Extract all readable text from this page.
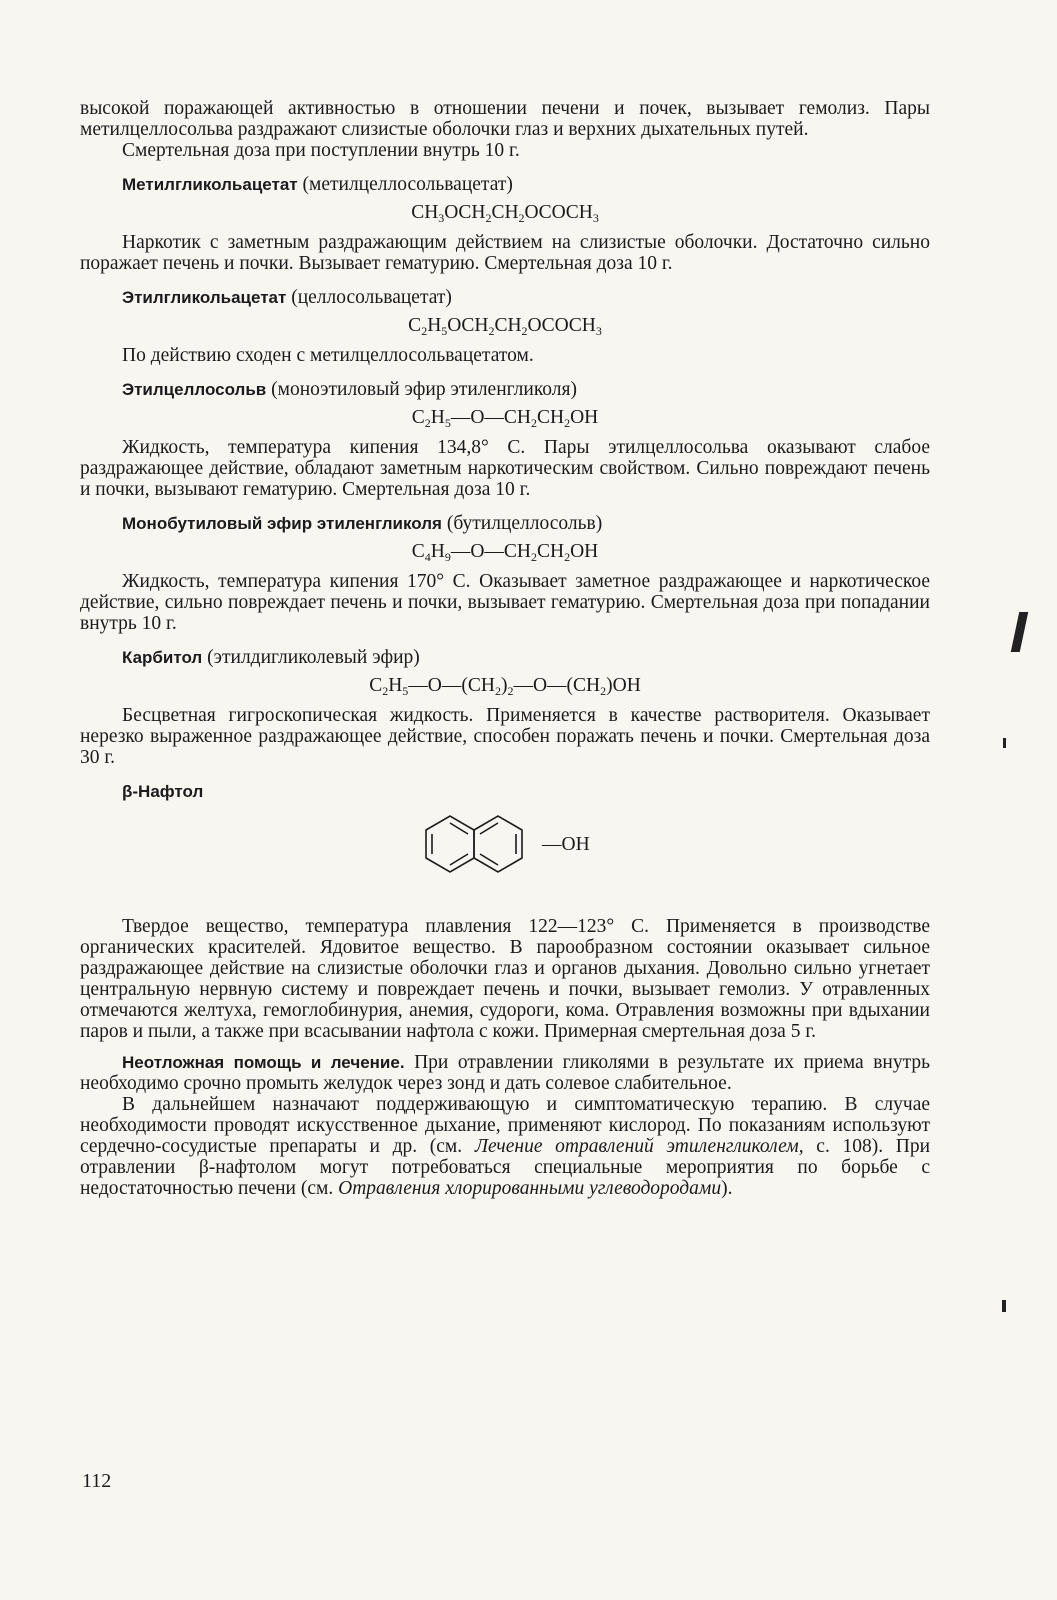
высокой поражающей активностью в отношении печени и почек, вызывает гемолиз. Пары метилцеллосольва раздражают слизистые оболочки глаз и верхних дыхательных путей.

Смертельная доза при поступлении внутрь 10 г.

Метилгликольацетат (метилцеллосольвацетат)

$CH_3OCH_2CH_2OCOCH_3$

Наркотик с заметным раздражающим действием на слизистые оболочки. Достаточно сильно поражает печень и почки. Вызывает гематурию. Смертельная доза 10 г.

Этилгликольацетат (целлосольвацетат)

$C_2H_5OCH_2CH_2OCOCH_3$

По действию сходен с метилцеллосольвацетатом.

Этилцеллосольв (моноэтиловый эфир этиленгликоля)

$C_2H_5—O—CH_2CH_2OH$

Жидкость, температура кипения 134,8° С. Пары этилцеллосольва оказывают слабое раздражающее действие, обладают заметным наркотическим свойством. Сильно повреждают печень и почки, вызывают гематурию. Смертельная доза 10 г.

Монобутиловый эфир этиленгликоля (бутилцеллосольв)

$C_4H_9—O—CH_2CH_2OH$

Жидкость, температура кипения 170° С. Оказывает заметное раздражающее и наркотическое действие, сильно повреждает печень и почки, вызывает гематурию. Смертельная доза при попадании внутрь 10 г.

Карбитол (этилдигликолевый эфир)

$C_2H_5—O—(CH_2)_2—O—(CH_2)OH$

Бесцветная гигроскопическая жидкость. Применяется в качестве растворителя. Оказывает нерезко выраженное раздражающее действие, способен поражать печень и почки. Смертельная доза 30 г.

β-Нафтол

—OH

Твердое вещество, температура плавления 122—123° С. Применяется в производстве органических красителей. Ядовитое вещество. В парообразном состоянии оказывает сильное раздражающее действие на слизистые оболочки глаз и органов дыхания. Довольно сильно угнетает центральную нервную систему и повреждает печень и почки, вызывает гемолиз. У отравленных отмечаются желтуха, гемоглобинурия, анемия, судороги, кома. Отравления возможны при вдыхании паров и пыли, а также при всасывании нафтола с кожи. Примерная смертельная доза 5 г.

Неотложная помощь и лечение. При отравлении гликолями в результате их приема внутрь необходимо срочно промыть желудок через зонд и дать солевое слабительное.

В дальнейшем назначают поддерживающую и симптоматическую терапию. В случае необходимости проводят искусственное дыхание, применяют кислород. По показаниям используют сердечно-сосудистые препараты и др. (см. Лечение отравлений этиленгликолем, с. 108). При отравлении β-нафтолом могут потребоваться специальные мероприятия по борьбе с недостаточностью печени (см. Отравления хлорированными углеводородами).

112
